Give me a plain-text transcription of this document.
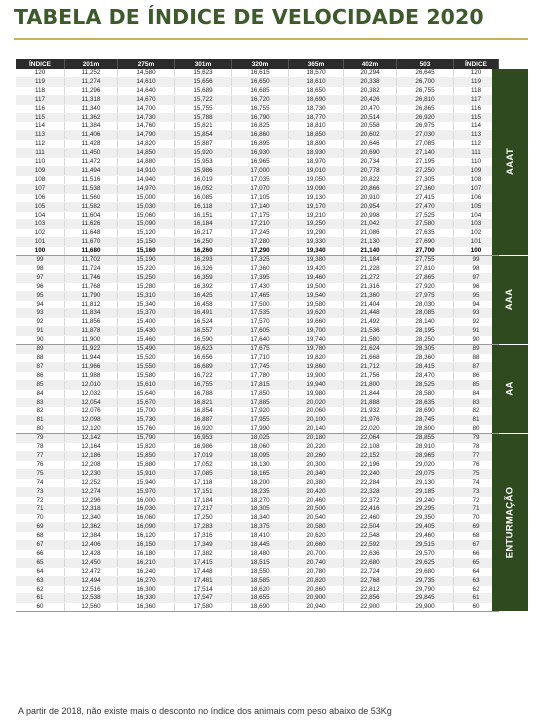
TABELA DE ÍNDICE DE VELOCIDADE 2020
ÍNDICE	201m	275m	301m	320m	365m	402m	503	ÍNDICE
120	11,252	14,580	15,623	16,615	18,570	20,294	26,645	120
119	11,274	14,610	15,656	16,650	18,610	20,338	26,700	119
118	11,296	14,640	15,689	16,685	18,650	20,382	26,755	118
117	11,318	14,670	15,722	16,720	18,690	20,426	26,810	117
116	11,340	14,700	15,755	16,755	18,730	20,470	26,865	116
115	11,362	14,730	15,788	16,790	18,770	20,514	26,920	115
114	11,384	14,760	15,821	16,825	18,810	20,558	26,975	114
113	11,406	14,790	15,854	16,860	18,850	20,602	27,030	113
112	11,428	14,820	15,887	16,895	18,890	20,646	27,085	112
111	11,450	14,850	15,920	16,930	18,930	20,690	27,140	111
110	11,472	14,880	15,953	16,965	18,970	20,734	27,195	110
109	11,494	14,910	15,986	17,000	19,010	20,778	27,250	109
108	11,516	14,940	16,019	17,035	19,050	20,822	27,305	108
107	11,538	14,970	16,052	17,070	19,090	20,866	27,360	107
106	11,560	15,000	16,085	17,105	19,130	20,910	27,415	106
105	11,582	15,030	16,118	17,140	19,170	20,954	27,470	105
104	11,604	15,060	16,151	17,175	19,210	20,998	27,525	104
103	11,626	15,090	16,184	17,210	19,250	21,042	27,580	103
102	11,648	15,120	16,217	17,245	19,290	21,086	27,635	102
101	11,670	15,150	16,250	17,280	19,330	21,130	27,690	101
100	11,680	15,160	16,260	17,290	19,340	21,140	27,700	100
99	11,702	15,190	16,293	17,325	19,380	21,184	27,755	99
98	11,724	15,220	16,326	17,360	19,420	21,228	27,810	98
97	11,746	15,250	16,359	17,395	19,460	21,272	27,865	97
96	11,768	15,280	16,392	17,430	19,500	21,316	27,920	96
95	11,790	15,310	16,425	17,465	19,540	21,360	27,975	95
94	11,812	15,340	16,458	17,500	19,580	21,404	28,030	94
93	11,834	15,370	16,491	17,535	19,620	21,448	28,085	93
92	11,856	15,400	16,524	17,570	19,660	21,492	28,140	92
91	11,878	15,430	16,557	17,605	19,700	21,536	28,195	91
90	11,900	15,460	16,590	17,640	19,740	21,580	28,250	90
89	11,922	15,490	16,623	17,675	19,780	21,624	28,305	89
88	11,944	15,520	16,656	17,710	19,820	21,668	28,360	88
87	11,966	15,550	16,689	17,745	19,860	21,712	28,415	87
86	11,988	15,580	16,722	17,780	19,900	21,756	28,470	86
85	12,010	15,610	16,755	17,815	19,940	21,800	28,525	85
84	12,032	15,640	16,788	17,850	19,980	21,844	28,580	84
83	12,054	15,670	16,821	17,885	20,020	21,888	28,635	83
82	12,076	15,700	16,854	17,920	20,060	21,932	28,690	82
81	12,098	15,730	16,887	17,955	20,100	21,976	28,745	81
80	12,120	15,760	16,920	17,990	20,140	22,020	28,800	80
79	12,142	15,790	16,953	18,025	20,180	22,064	28,855	79
78	12,164	15,820	16,986	18,060	20,220	22,108	28,910	78
77	12,186	15,850	17,019	18,095	20,260	22,152	28,965	77
76	12,208	15,880	17,052	18,130	20,300	22,196	29,020	76
75	12,230	15,910	17,085	18,165	20,340	22,240	29,075	75
74	12,252	15,940	17,118	18,200	20,380	22,284	29,130	74
73	12,274	15,970	17,151	18,235	20,420	22,328	29,185	73
72	12,296	16,000	17,184	18,270	20,460	22,372	29,240	72
71	12,318	16,030	17,217	18,305	20,500	22,416	29,295	71
70	12,340	16,060	17,250	18,340	20,540	22,460	29,350	70
69	12,362	16,090	17,283	18,375	20,580	22,504	29,405	69
68	12,384	16,120	17,316	18,410	20,620	22,548	29,460	68
67	12,406	16,150	17,349	18,445	20,660	22,592	29,515	67
66	12,428	16,180	17,382	18,480	20,700	22,636	29,570	66
65	12,450	16,210	17,415	18,515	20,740	22,680	29,625	65
64	12,472	16,240	17,448	18,550	20,780	22,724	29,680	64
63	12,494	16,270	17,481	18,585	20,820	22,768	29,735	63
62	12,516	16,300	17,514	18,620	20,860	22,812	29,790	62
61	12,538	16,330	17,547	18,655	20,900	22,856	29,845	61
60	12,560	16,360	17,580	18,690	20,940	22,900	29,900	60
AAAT
AAA
AA
ENTURMAÇÃO
A partir de 2018, não existe mais o desconto no índice dos animais com peso abaixo de 53Kg
